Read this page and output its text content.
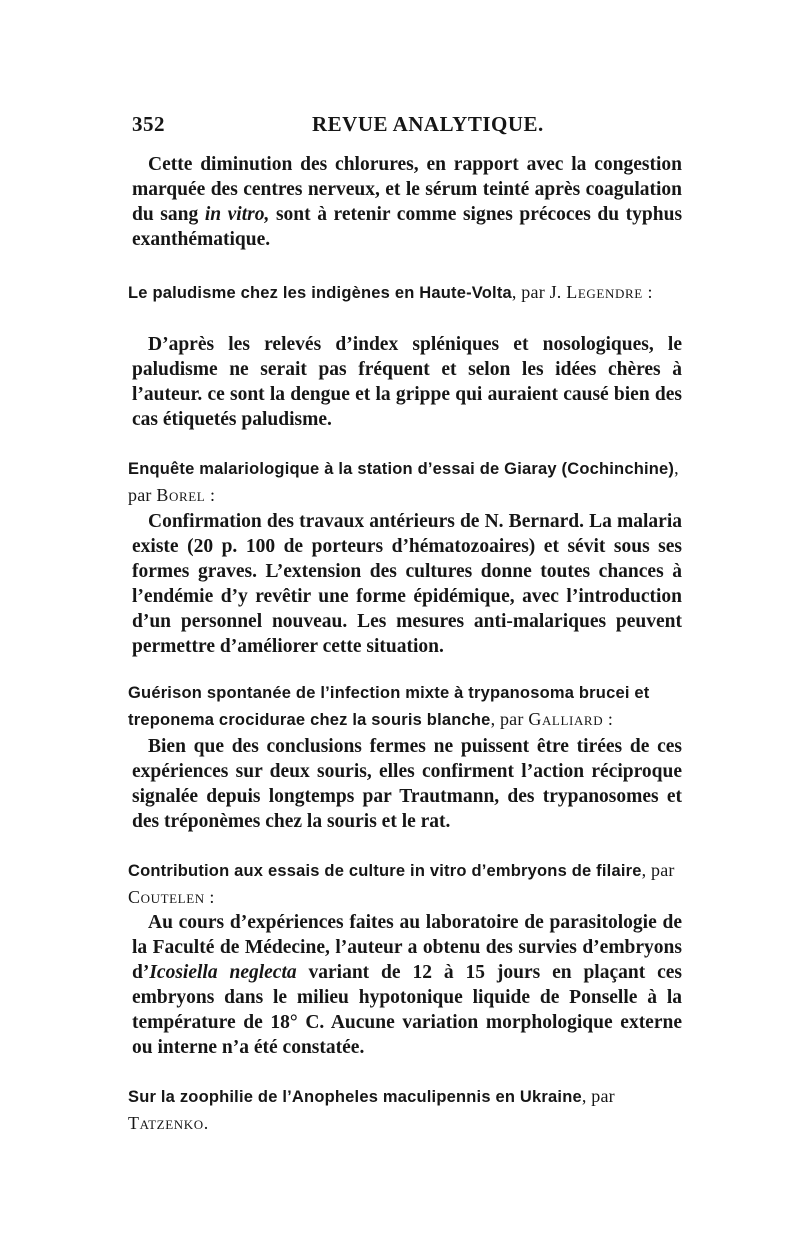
352	REVUE ANALYTIQUE.

Cette diminution des chlorures, en rapport avec la congestion marquée des centres nerveux, et le sérum teinté après coagulation du sang in vitro, sont à retenir comme signes précoces du typhus exanthématique.

Le paludisme chez les indigènes en Haute-Volta, par J. Legendre :

D’après les relevés d’index spléniques et nosologiques, le paludisme ne serait pas fréquent et selon les idées chères à l’auteur. ce sont la dengue et la grippe qui auraient causé bien des cas étiquetés paludisme.

Enquête malariologique à la station d’essai de Giaray (Cochinchine), par Borel :

Confirmation des travaux antérieurs de N. Bernard. La malaria existe (20 p. 100 de porteurs d’hématozoaires) et sévit sous ses formes graves. L’extension des cultures donne toutes chances à l’endémie d’y revêtir une forme épidémique, avec l’introduction d’un personnel nouveau. Les mesures anti-malariques peuvent permettre d’améliorer cette situation.

Guérison spontanée de l’infection mixte à trypanosoma brucei et treponema crocidurae chez la souris blanche, par Galliard :

Bien que des conclusions fermes ne puissent être tirées de ces expériences sur deux souris, elles confirment l’action réciproque signalée depuis longtemps par Trautmann, des trypanosomes et des tréponèmes chez la souris et le rat.

Contribution aux essais de culture in vitro d’embryons de filaire, par Coutelen :

Au cours d’expériences faites au laboratoire de parasitologie de la Faculté de Médecine, l’auteur a obtenu des survies d’embryons d’Icosiella neglecta variant de 12 à 15 jours en plaçant ces embryons dans le milieu hypotonique liquide de Ponselle à la température de 18° C. Aucune variation morphologique externe ou interne n’a été constatée.

Sur la zoophilie de l’Anopheles maculipennis en Ukraine, par Tatzenko.
